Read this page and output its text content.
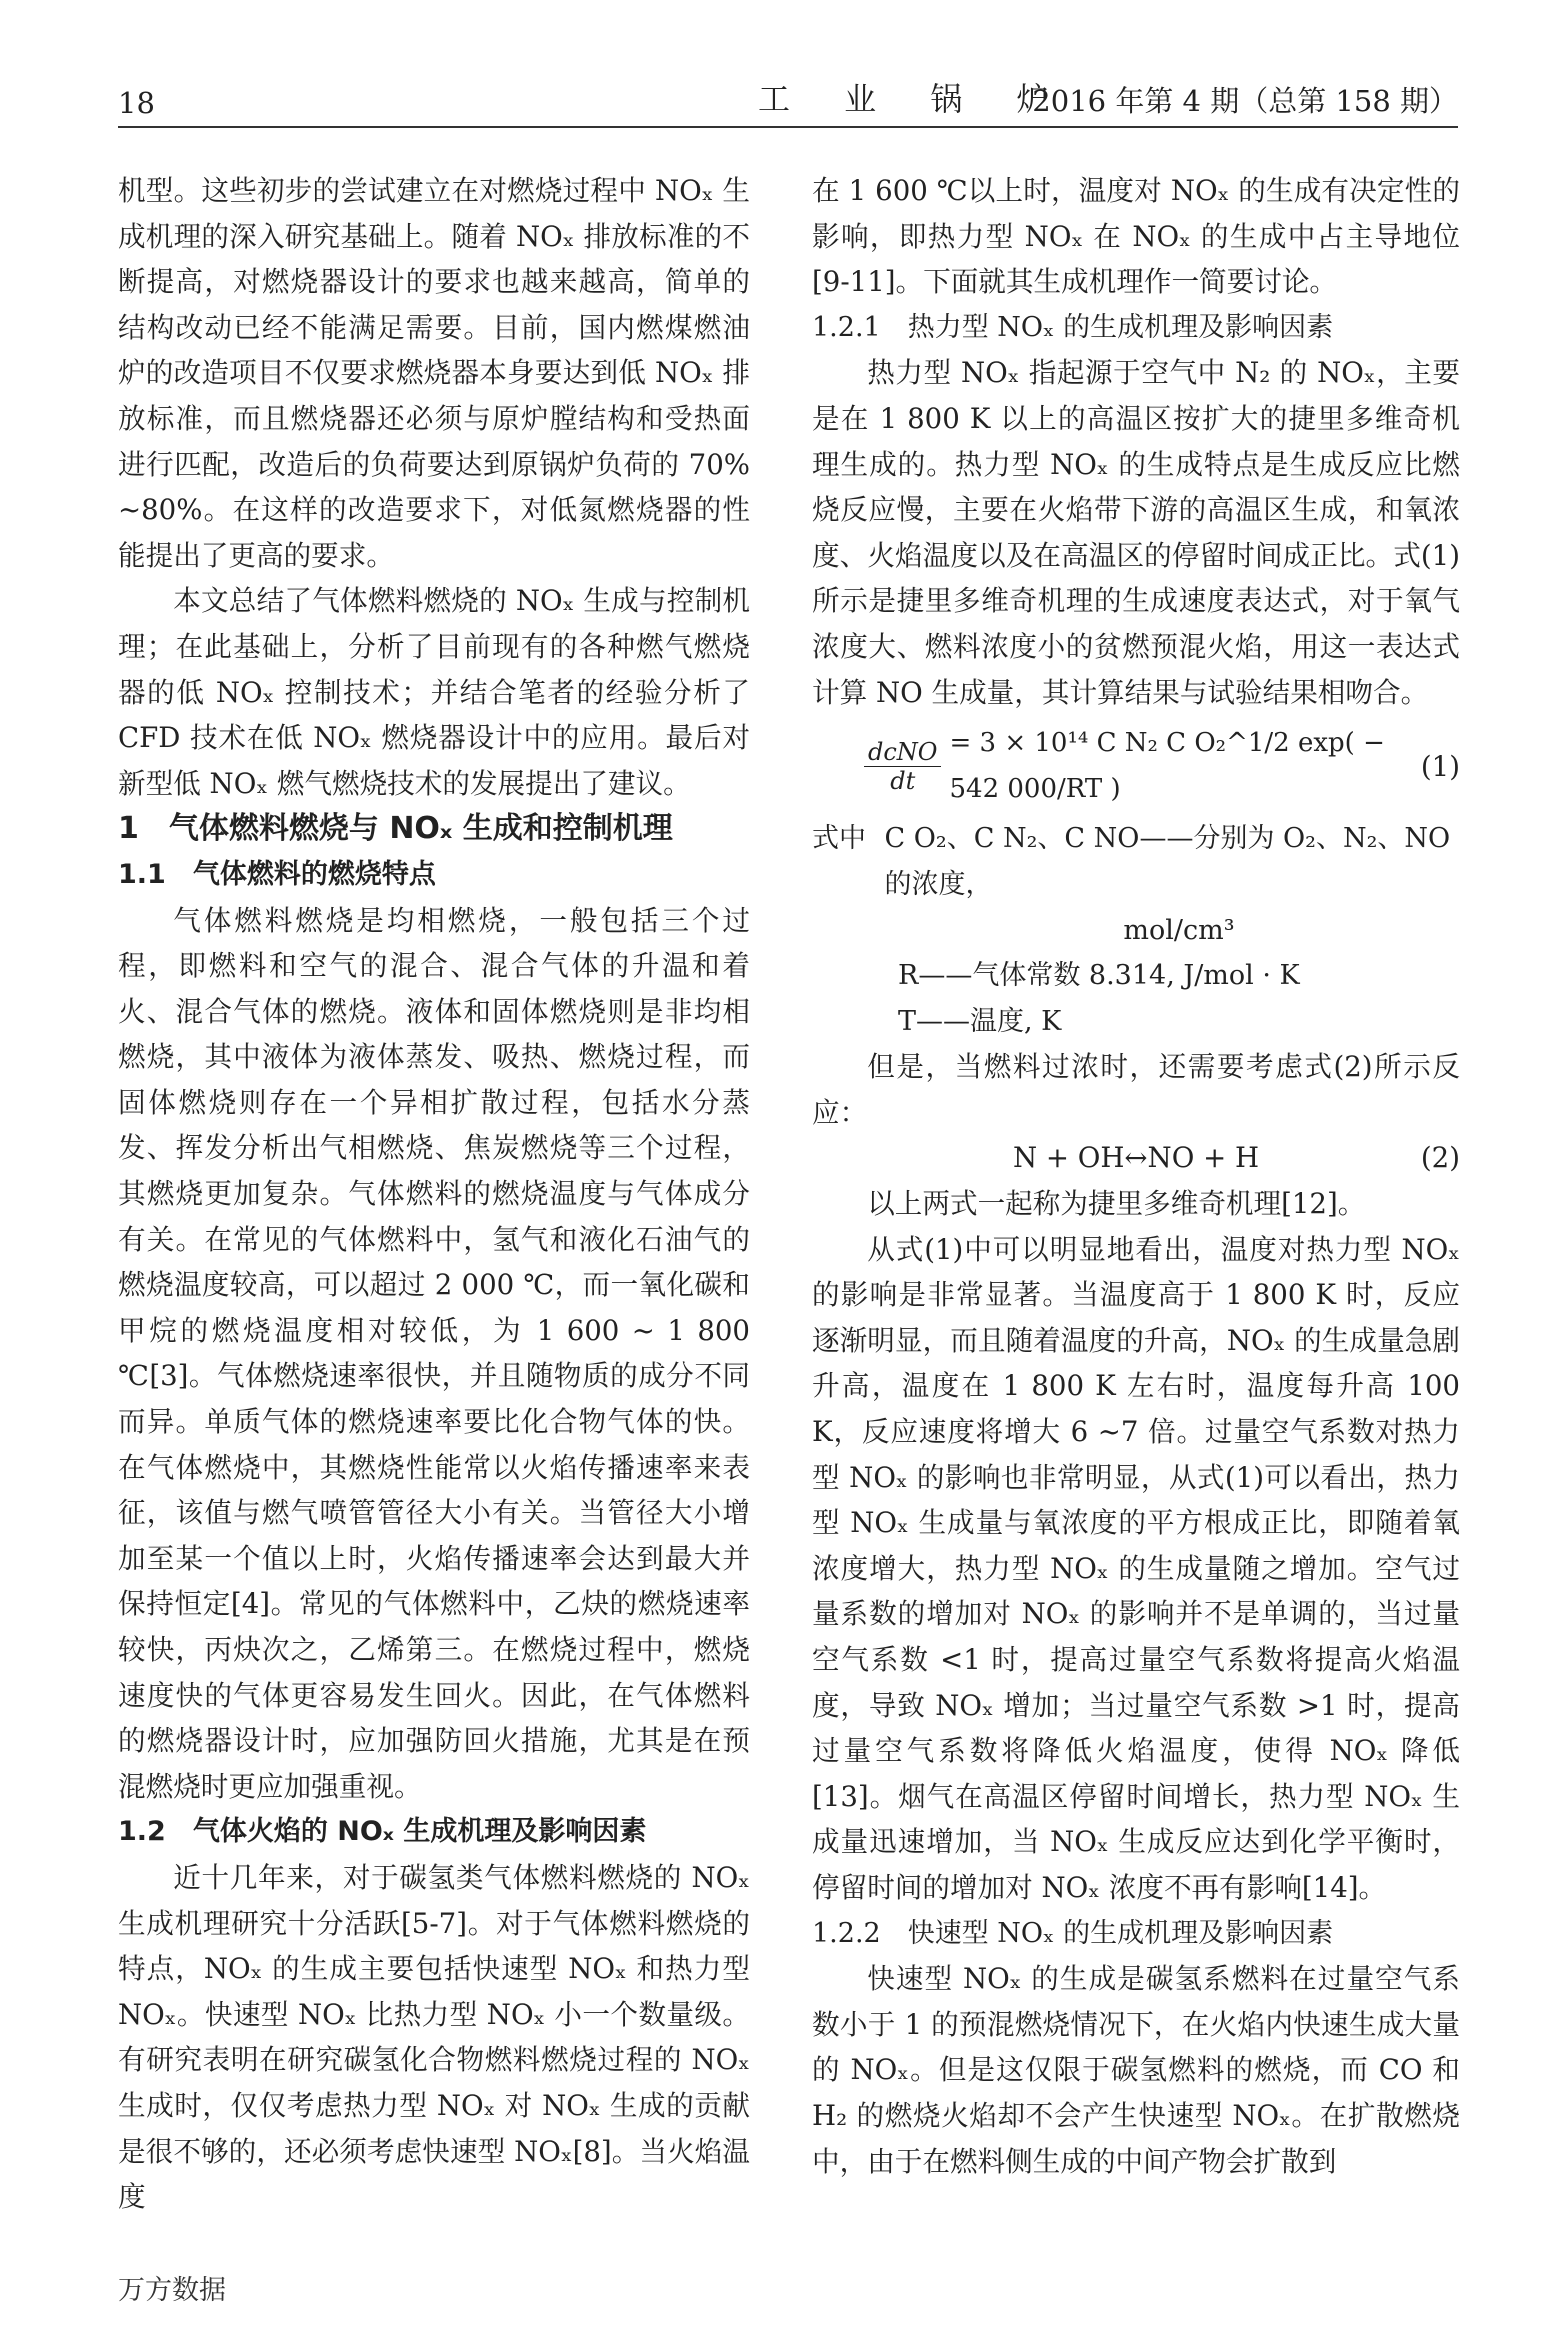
18	工 业 锅 炉
2016 年第 4 期（总第 158 期）

机型。这些初步的尝试建立在对燃烧过程中 NOₓ 生成机理的深入研究基础上。随着 NOₓ 排放标准的不断提高，对燃烧器设计的要求也越来越高，简单的结构改动已经不能满足需要。目前，国内燃煤燃油炉的改造项目不仅要求燃烧器本身要达到低 NOₓ 排放标准，而且燃烧器还必须与原炉膛结构和受热面进行匹配，改造后的负荷要达到原锅炉负荷的 70% ~80%。在这样的改造要求下，对低氮燃烧器的性能提出了更高的要求。

本文总结了气体燃料燃烧的 NOₓ 生成与控制机理；在此基础上，分析了目前现有的各种燃气燃烧器的低 NOₓ 控制技术；并结合笔者的经验分析了 CFD 技术在低 NOₓ 燃烧器设计中的应用。最后对新型低 NOₓ 燃气燃烧技术的发展提出了建议。

1　气体燃料燃烧与 NOₓ 生成和控制机理

1.1　气体燃料的燃烧特点

气体燃料燃烧是均相燃烧，一般包括三个过程，即燃料和空气的混合、混合气体的升温和着火、混合气体的燃烧。液体和固体燃烧则是非均相燃烧，其中液体为液体蒸发、吸热、燃烧过程，而固体燃烧则存在一个异相扩散过程，包括水分蒸发、挥发分析出气相燃烧、焦炭燃烧等三个过程，其燃烧更加复杂。气体燃料的燃烧温度与气体成分有关。在常见的气体燃料中，氢气和液化石油气的燃烧温度较高，可以超过 2 000 ℃，而一氧化碳和甲烷的燃烧温度相对较低，为 1 600 ~ 1 800 ℃[3]。气体燃烧速率很快，并且随物质的成分不同而异。单质气体的燃烧速率要比化合物气体的快。在气体燃烧中，其燃烧性能常以火焰传播速率来表征，该值与燃气喷管管径大小有关。当管径大小增加至某一个值以上时，火焰传播速率会达到最大并保持恒定[4]。常见的气体燃料中，乙炔的燃烧速率较快，丙炔次之，乙烯第三。在燃烧过程中，燃烧速度快的气体更容易发生回火。因此，在气体燃料的燃烧器设计时，应加强防回火措施，尤其是在预混燃烧时更应加强重视。

1.2　气体火焰的 NOₓ 生成机理及影响因素

近十几年来，对于碳氢类气体燃料燃烧的 NOₓ 生成机理研究十分活跃[5-7]。对于气体燃料燃烧的特点，NOₓ 的生成主要包括快速型 NOₓ 和热力型 NOₓ。快速型 NOₓ 比热力型 NOₓ 小一个数量级。有研究表明在研究碳氢化合物燃料燃烧过程的 NOₓ 生成时，仅仅考虑热力型 NOₓ 对 NOₓ 生成的贡献是很不够的，还必须考虑快速型 NOₓ[8]。当火焰温度

在 1 600 ℃以上时，温度对 NOₓ 的生成有决定性的影响，即热力型 NOₓ 在 NOₓ 的生成中占主导地位[9-11]。下面就其生成机理作一简要讨论。

1.2.1　热力型 NOₓ 的生成机理及影响因素

热力型 NOₓ 指起源于空气中 N₂ 的 NOₓ，主要是在 1 800 K 以上的高温区按扩大的捷里多维奇机理生成的。热力型 NOₓ 的生成特点是生成反应比燃烧反应慢，主要在火焰带下游的高温区生成，和氧浓度、火焰温度以及在高温区的停留时间成正比。式(1)所示是捷里多维奇机理的生成速度表达式，对于氧气浓度大、燃料浓度小的贫燃预混火焰，用这一表达式计算 NO 生成量，其计算结果与试验结果相吻合。

$\frac{\text{dcNO}}{dt} = 3 \times 10^{14}$ C N₂ C O₂^1/2 exp( − 542 000/RT )
(1)
式中 C O₂、C N₂、C NO——分别为 O₂、N₂、NO 的浓度，
mol/cm³
R——气体常数 8.314, J/mol · K
T——温度, K

但是，当燃料过浓时，还需要考虑式(2)所示反应：

N + OH↔NO + H	(2)

以上两式一起称为捷里多维奇机理[12]。

从式(1)中可以明显地看出，温度对热力型 NOₓ 的影响是非常显著。当温度高于 1 800 K 时，反应逐渐明显，而且随着温度的升高，NOₓ 的生成量急剧升高，温度在 1 800 K 左右时，温度每升高 100 K，反应速度将增大 6 ~7 倍。过量空气系数对热力型 NOₓ 的影响也非常明显，从式(1)可以看出，热力型 NOₓ 生成量与氧浓度的平方根成正比，即随着氧浓度增大，热力型 NOₓ 的生成量随之增加。空气过量系数的增加对 NOₓ 的影响并不是单调的，当过量空气系数 <1 时，提高过量空气系数将提高火焰温度，导致 NOₓ 增加；当过量空气系数 >1 时，提高过量空气系数将降低火焰温度，使得 NOₓ 降低[13]。烟气在高温区停留时间增长，热力型 NOₓ 生成量迅速增加，当 NOₓ 生成反应达到化学平衡时，停留时间的增加对 NOₓ 浓度不再有影响[14]。

1.2.2　快速型 NOₓ 的生成机理及影响因素

快速型 NOₓ 的生成是碳氢系燃料在过量空气系数小于 1 的预混燃烧情况下，在火焰内快速生成大量的 NOₓ。但是这仅限于碳氢燃料的燃烧，而 CO 和 H₂ 的燃烧火焰却不会产生快速型 NOₓ。在扩散燃烧中，由于在燃料侧生成的中间产物会扩散到

万方数据
